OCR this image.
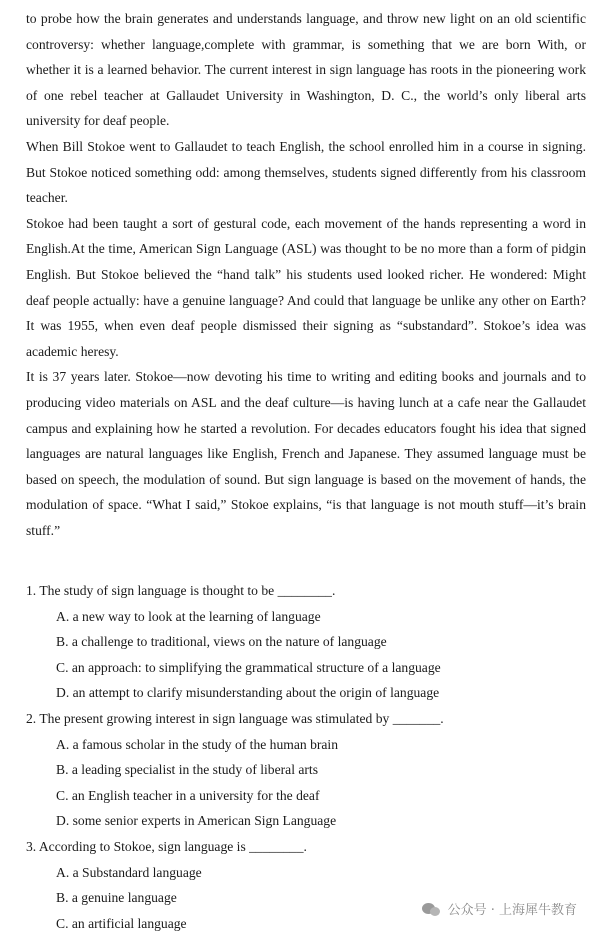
to probe how the brain generates and understands language, and throw new light on an old scientific controversy: whether language,complete with grammar, is something that we are born With, or whether it is a learned behavior. The current interest in sign language has roots in the pioneering work of one rebel teacher at Gallaudet University in Washington, D. C., the world’s only liberal arts university for deaf people.

When Bill Stokoe went to Gallaudet to teach English, the school enrolled him in a course in signing. But Stokoe noticed something odd: among themselves, students signed differently from his classroom teacher.

Stokoe had been taught a sort of gestural code, each movement of the hands representing a word in English.At the time, American Sign Language (ASL) was thought to be no more than a form of pidgin English. But Stokoe believed the “hand talk” his students used looked richer. He wondered: Might deaf people actually: have a genuine language? And could that language be unlike any other on Earth? It was 1955, when even deaf people dismissed their signing as “substandard”. Stokoe’s idea was academic heresy.

It is 37 years later. Stokoe—now devoting his time to writing and editing books and journals and to producing video materials on ASL and the deaf culture—is having lunch at a cafe near the Gallaudet campus and explaining how he started a revolution. For decades educators fought his idea that signed languages are natural languages like English, French and Japanese. They assumed language must be based on speech, the modulation of sound. But sign language is based on the movement of hands, the modulation of space. “What I said,” Stokoe explains, “is that language is not mouth stuff—it’s brain stuff.”

1. The study of sign language is thought to be ________.

A. a new way to look at the learning of language

B. a challenge to traditional, views on the nature of language

C. an approach: to simplifying the grammatical structure of a language

D. an attempt to clarify misunderstanding about the origin of language

2. The present growing interest in sign language was stimulated by _______.

A. a famous scholar in the study of the human brain

B. a leading specialist in the study of liberal arts

C. an English teacher in a university for the deaf

D. some senior experts in American Sign Language

3. According to Stokoe, sign language is ________.

A. a Substandard language

B. a genuine language

C. an artificial language

公众号 · 上海犀牛教育
